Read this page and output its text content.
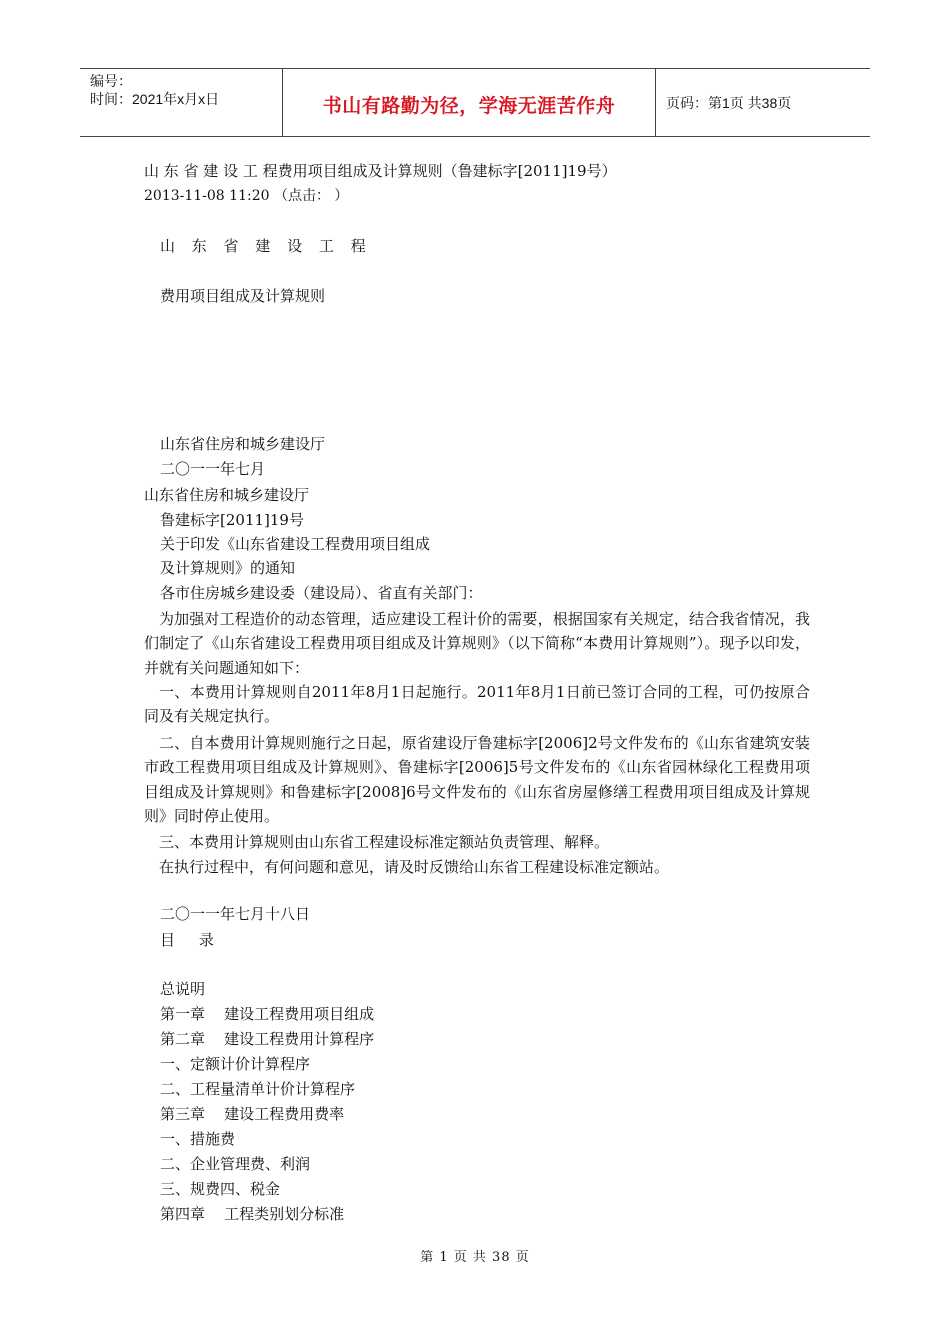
编号：
时间：2021年x月x日	书山有路勤为径，学海无涯苦作舟	页码：第1页 共38页
山 东 省 建 设 工 程费用项目组成及计算规则（鲁建标字[2011]19号）
2013-11-08 11:20 （点击： ）
山 东 省 建 设 工 程
费用项目组成及计算规则
山东省住房和城乡建设厅
二〇一一年七月
山东省住房和城乡建设厅
鲁建标字[2011]19号
关于印发《山东省建设工程费用项目组成
及计算规则》的通知
各市住房城乡建设委（建设局）、省直有关部门：
为加强对工程造价的动态管理，适应建设工程计价的需要，根据国家有关规定，结合我省情况，我们制定了《山东省建设工程费用项目组成及计算规则》（以下简称“本费用计算规则”）。现予以印发，并就有关问题通知如下：
一、本费用计算规则自2011年8月1日起施行。2011年8月1日前已签订合同的工程，可仍按原合同及有关规定执行。
二、自本费用计算规则施行之日起，原省建设厅鲁建标字[2006]2号文件发布的《山东省建筑安装市政工程费用项目组成及计算规则》、鲁建标字[2006]5号文件发布的《山东省园林绿化工程费用项目组成及计算规则》和鲁建标字[2008]6号文件发布的《山东省房屋修缮工程费用项目组成及计算规则》同时停止使用。
三、本费用计算规则由山东省工程建设标准定额站负责管理、解释。
在执行过程中，有何问题和意见，请及时反馈给山东省工程建设标准定额站。
二〇一一年七月十八日
目     录
总说明
第一章    建设工程费用项目组成
第二章    建设工程费用计算程序
一、定额计价计算程序
二、工程量清单计价计算程序
第三章    建设工程费用费率
一、措施费
二、企业管理费、利润
三、规费四、税金
第四章    工程类别划分标准
第 1 页 共 38 页
